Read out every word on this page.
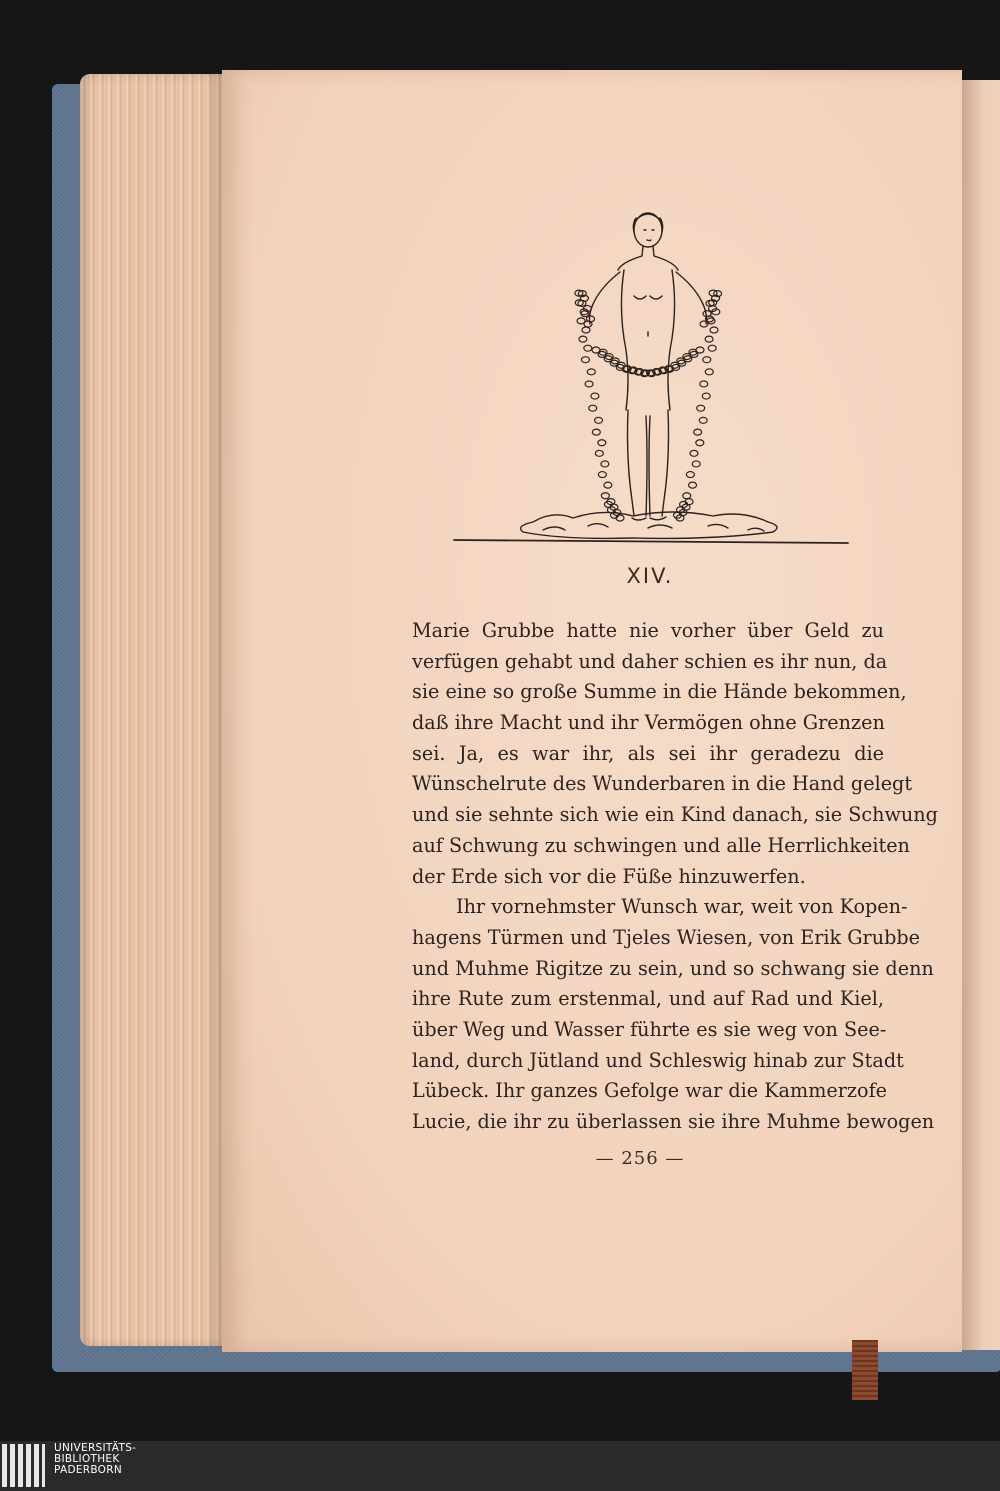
XIV.
Marie Grubbe hatte nie vorher über Geld zu
verfügen gehabt und daher schien es ihr nun, da
sie eine so große Summe in die Hände bekommen,
daß ihre Macht und ihr Vermögen ohne Grenzen
sei. Ja, es war ihr, als sei ihr geradezu die
Wünschelrute des Wunderbaren in die Hand gelegt
und sie sehnte sich wie ein Kind danach, sie Schwung
auf Schwung zu schwingen und alle Herrlichkeiten
der Erde sich vor die Füße hinzuwerfen.
Ihr vornehmster Wunsch war, weit von Kopen-
hagens Türmen und Tjeles Wiesen, von Erik Grubbe
und Muhme Rigitze zu sein, und so schwang sie denn
ihre Rute zum erstenmal, und auf Rad und Kiel,
über Weg und Wasser führte es sie weg von See-
land, durch Jütland und Schleswig hinab zur Stadt
Lübeck. Ihr ganzes Gefolge war die Kammerzofe
Lucie, die ihr zu überlassen sie ihre Muhme bewogen
— 256 —
UNIVERSITÄTS-
BIBLIOTHEK
PADERBORN
